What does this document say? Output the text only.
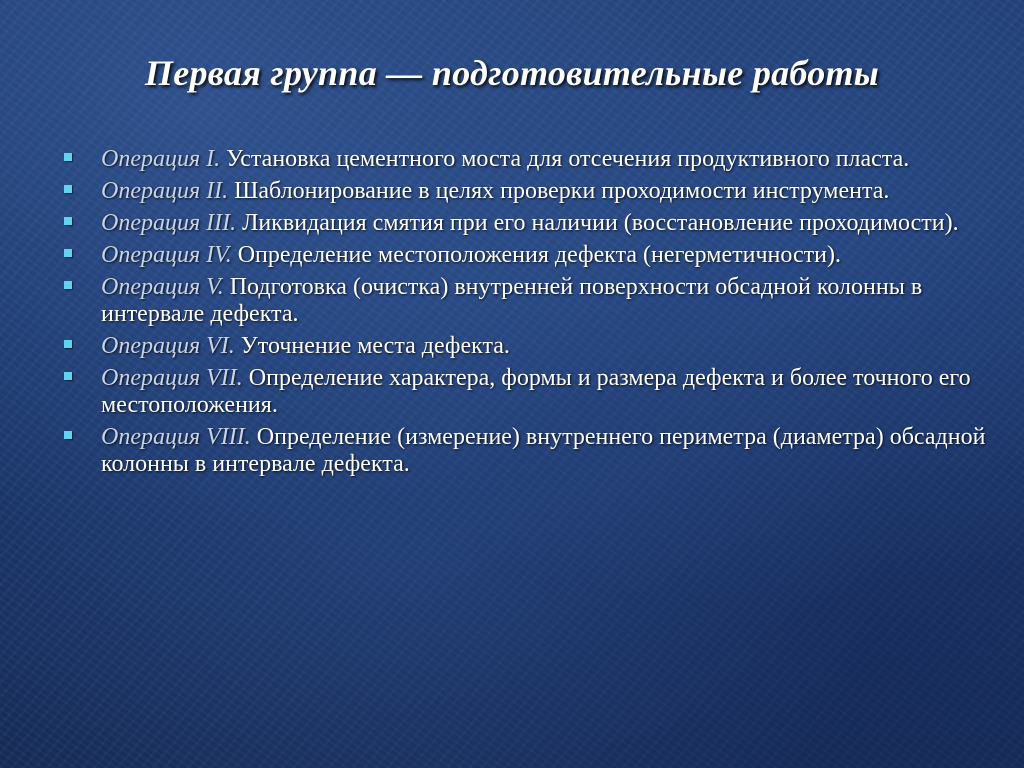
Первая группа — подготовительные работы
Операция I. Установка цементного моста для отсечения продуктивного пласта.
Операция II. Шаблонирование в целях проверки проходимости инструмента.
Операция III. Ликвидация смятия при его наличии (восстановление проходимости).
Операция IV. Определение местоположения дефекта (негерметичности).
Операция V. Подготовка (очистка) внутренней поверхности обсадной колонны в интервале дефекта.
Операция VI. Уточнение места дефекта.
Операция VII. Определение характера, формы и размера дефекта и более точного его местоположения.
Операция VIII. Определение (измерение) внутреннего периметра (диаметра) обсадной колонны в интервале дефекта.
